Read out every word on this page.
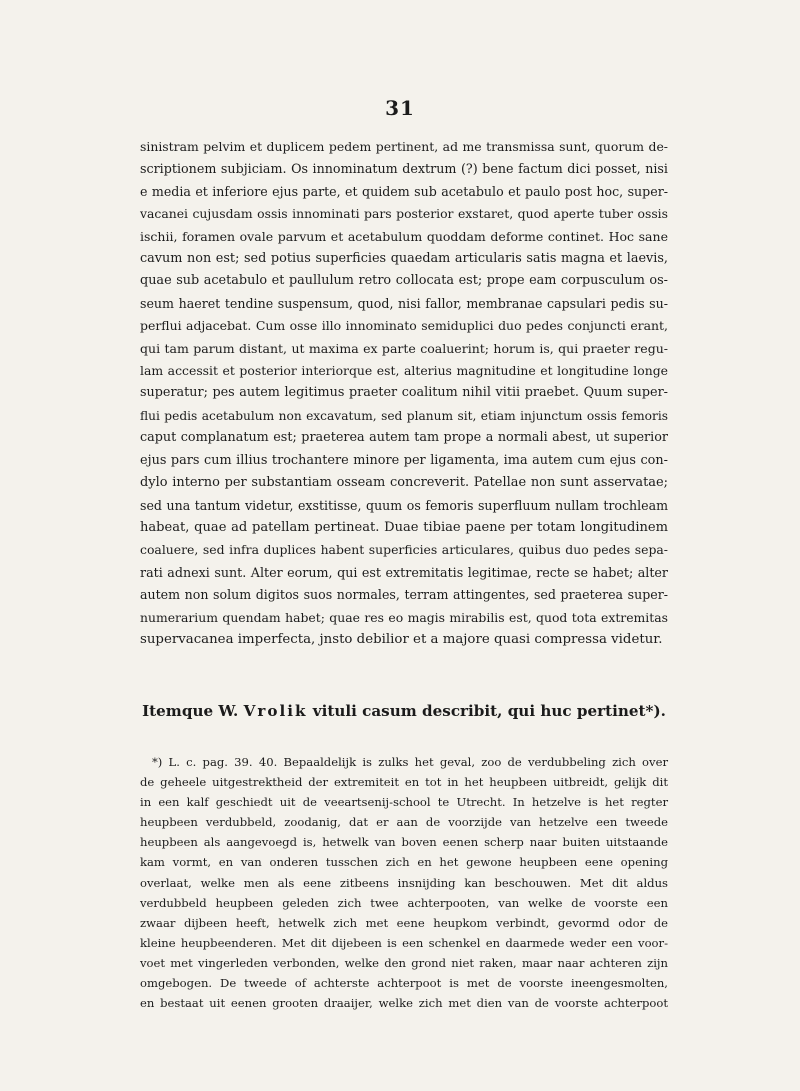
31
sinistram pelvim et duplicem pedem pertinent, ad me transmissa sunt, quorum de-
scriptionem subjiciam. Os innominatum dextrum (?) bene factum dici posset, nisi
e media et inferiore ejus parte, et quidem sub acetabulo et paulo post hoc, super-
vacanei cujusdam ossis innominati pars posterior exstaret, quod aperte tuber ossis
ischii, foramen ovale parvum et acetabulum quoddam deforme continet. Hoc sane
cavum non est; sed potius superficies quaedam articularis satis magna et laevis,
quae sub acetabulo et paullulum retro collocata est; prope eam corpusculum os-
seum haeret tendine suspensum, quod, nisi fallor, membranae capsulari pedis su-
perflui adjacebat. Cum osse illo innominato semiduplici duo pedes conjuncti erant,
qui tam parum distant, ut maxima ex parte coaluerint; horum is, qui praeter regu-
lam accessit et posterior interiorque est, alterius magnitudine et longitudine longe
superatur; pes autem legitimus praeter coalitum nihil vitii praebet. Quum super-
flui pedis acetabulum non excavatum, sed planum sit, etiam injunctum ossis femoris
caput complanatum est; praeterea autem tam prope a normali abest, ut superior
ejus pars cum illius trochantere minore per ligamenta, ima autem cum ejus con-
dylo interno per substantiam osseam concreverit. Patellae non sunt asservatae;
sed una tantum videtur, exstitisse, quum os femoris superfluum nullam trochleam
habeat, quae ad patellam pertineat. Duae tibiae paene per totam longitudinem
coaluere, sed infra duplices habent superficies articulares, quibus duo pedes sepa-
rati adnexi sunt. Alter eorum, qui est extremitatis legitimae, recte se habet; alter
autem non solum digitos suos normales, terram attingentes, sed praeterea super-
numerarium quendam habet; quae res eo magis mirabilis est, quod tota extremitas
supervacanea imperfecta, jnsto debilior et a majore quasi compressa videtur.
Itemque W. Vrolik vituli casum describit, qui huc pertinet*).
*) L. c. pag. 39. 40. Bepaaldelijk is zulks het geval, zoo de verdubbeling zich over
de geheele uitgestrektheid der extremiteit en tot in het heupbeen uitbreidt, gelijk dit
in een kalf geschiedt uit de veeartsenij-school te Utrecht. In hetzelve is het regter
heupbeen verdubbeld, zoodanig, dat er aan de voorzijde van hetzelve een tweede
heupbeen als aangevoegd is, hetwelk van boven eenen scherp naar buiten uitstaande
kam vormt, en van onderen tusschen zich en het gewone heupbeen eene opening
overlaat, welke men als eene zitbeens insnijding kan beschouwen. Met dit aldus
verdubbeld heupbeen geleden zich twee achterpooten, van welke de voorste een
zwaar dijbeen heeft, hetwelk zich met eene heupkom verbindt, gevormd odor de
kleine heupbeenderen. Met dit dijebeen is een schenkel en daarmede weder een voor-
voet met vingerleden verbonden, welke den grond niet raken, maar naar achteren zijn
omgebogen. De tweede of achterste achterpoot is met de voorste ineengesmolten,
en bestaat uit eenen grooten draaijer, welke zich met dien van de voorste achterpoot
